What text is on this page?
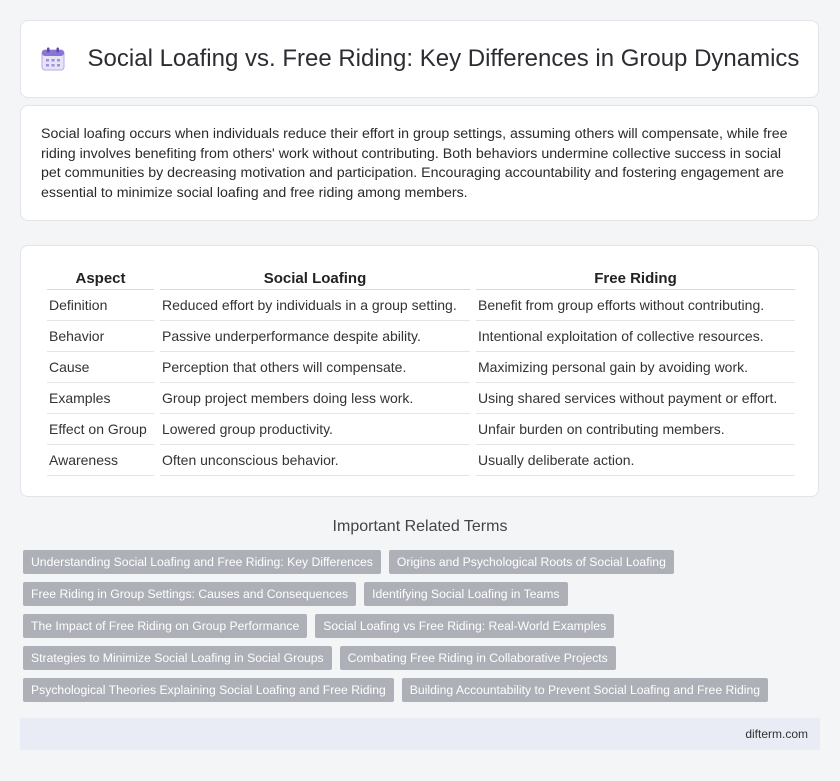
Social Loafing vs. Free Riding: Key Differences in Group Dynamics

Social loafing occurs when individuals reduce their effort in group settings, assuming others will compensate, while free riding involves benefiting from others' work without contributing. Both behaviors undermine collective success in social pet communities by decreasing motivation and participation. Encouraging accountability and fostering engagement are essential to minimize social loafing and free riding among members.

Aspect	Social Loafing	Free Riding
Definition	Reduced effort by individuals in a group setting.	Benefit from group efforts without contributing.
Behavior	Passive underperformance despite ability.	Intentional exploitation of collective resources.
Cause	Perception that others will compensate.	Maximizing personal gain by avoiding work.
Examples	Group project members doing less work.	Using shared services without payment or effort.
Effect on Group	Lowered group productivity.	Unfair burden on contributing members.
Awareness	Often unconscious behavior.	Usually deliberate action.
Important Related Terms
Understanding Social Loafing and Free Riding: Key Differences	Origins and Psychological Roots of Social Loafing
Free Riding in Group Settings: Causes and Consequences	Identifying Social Loafing in Teams
The Impact of Free Riding on Group Performance	Social Loafing vs Free Riding: Real-World Examples
Strategies to Minimize Social Loafing in Social Groups	Combating Free Riding in Collaborative Projects
Psychological Theories Explaining Social Loafing and Free Riding	Building Accountability to Prevent Social Loafing and Free Riding
difterm.com
